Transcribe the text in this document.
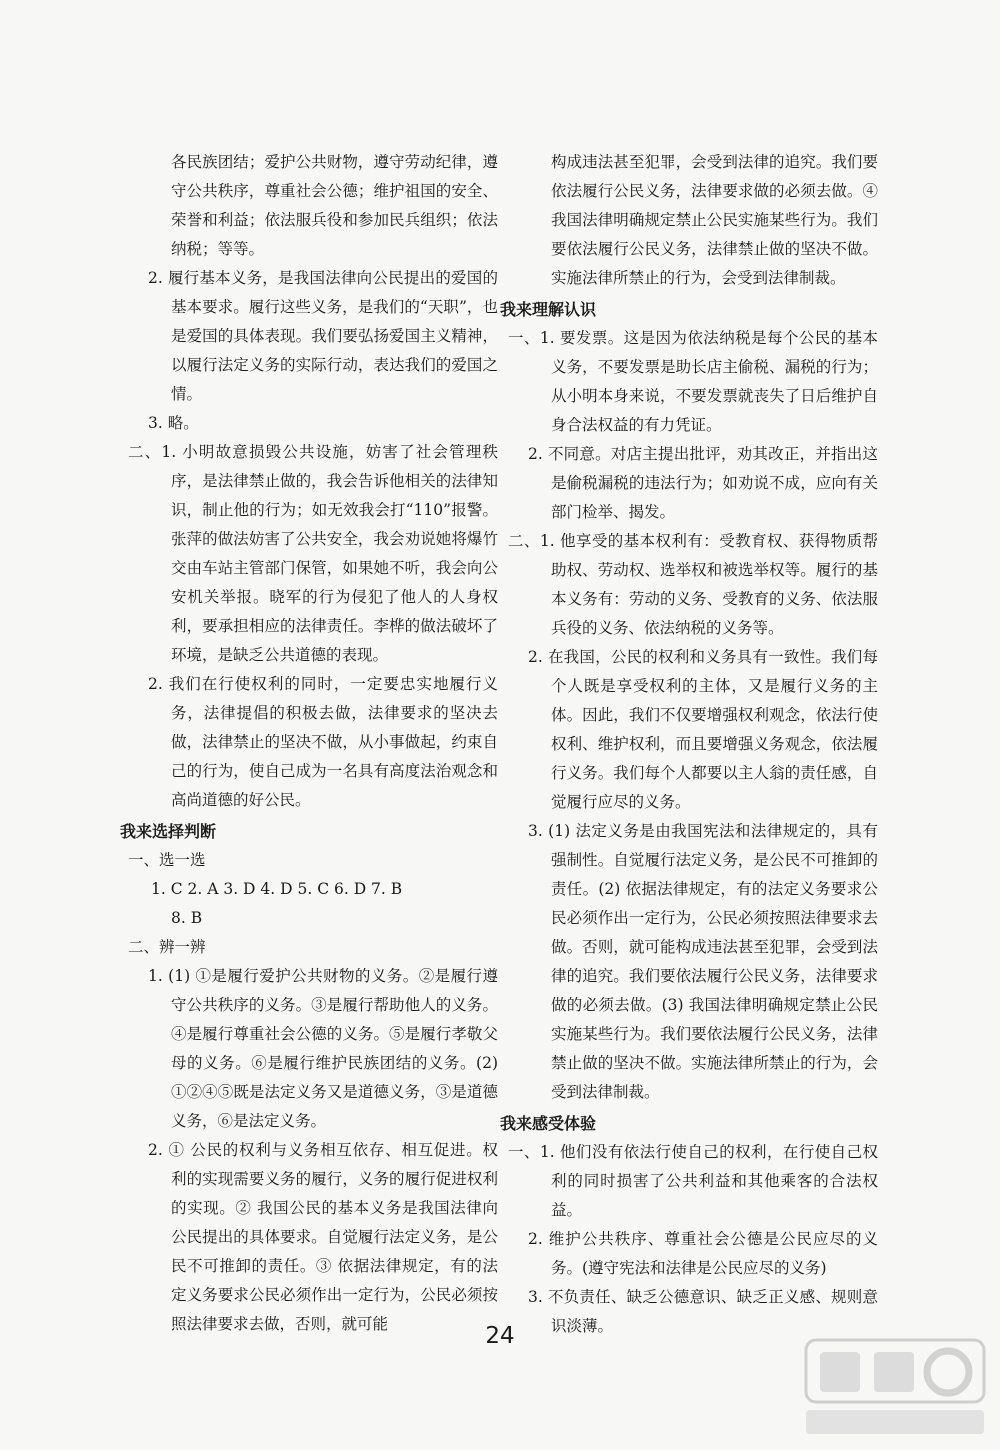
各民族团结；爱护公共财物，遵守劳动纪律，遵守公共秩序，尊重社会公德；维护祖国的安全、荣誉和利益；依法服兵役和参加民兵组织；依法纳税；等等。

2. 履行基本义务，是我国法律向公民提出的爱国的基本要求。履行这些义务，是我们的“天职”，也是爱国的具体表现。我们要弘扬爱国主义精神，以履行法定义务的实际行动，表达我们的爱国之情。

3. 略。

二、1. 小明故意损毁公共设施，妨害了社会管理秩序，是法律禁止做的，我会告诉他相关的法律知识，制止他的行为；如无效我会打“110”报警。张萍的做法妨害了公共安全，我会劝说她将爆竹交由车站主管部门保管，如果她不听，我会向公安机关举报。晓军的行为侵犯了他人的人身权利，要承担相应的法律责任。李桦的做法破坏了环境，是缺乏公共道德的表现。

2. 我们在行使权利的同时，一定要忠实地履行义务，法律提倡的积极去做，法律要求的坚决去做，法律禁止的坚决不做，从小事做起，约束自己的行为，使自己成为一名具有高度法治观念和高尚道德的好公民。

我来选择判断

一、选一选

1. C 2. A 3. D 4. D 5. C 6. D 7. B

8. B

二、辨一辨

1. (1) ①是履行爱护公共财物的义务。②是履行遵守公共秩序的义务。③是履行帮助他人的义务。④是履行尊重社会公德的义务。⑤是履行孝敬父母的义务。⑥是履行维护民族团结的义务。(2) ①②④⑤既是法定义务又是道德义务，③是道德义务，⑥是法定义务。

2. ① 公民的权利与义务相互依存、相互促进。权利的实现需要义务的履行，义务的履行促进权利的实现。② 我国公民的基本义务是我国法律向公民提出的具体要求。自觉履行法定义务，是公民不可推卸的责任。③ 依据法律规定，有的法定义务要求公民必须作出一定行为，公民必须按照法律要求去做，否则，就可能

构成违法甚至犯罪，会受到法律的追究。我们要依法履行公民义务，法律要求做的必须去做。④ 我国法律明确规定禁止公民实施某些行为。我们要依法履行公民义务，法律禁止做的坚决不做。实施法律所禁止的行为，会受到法律制裁。

我来理解认识

一、1. 要发票。这是因为依法纳税是每个公民的基本义务，不要发票是助长店主偷税、漏税的行为；从小明本身来说，不要发票就丧失了日后维护自身合法权益的有力凭证。

2. 不同意。对店主提出批评，劝其改正，并指出这是偷税漏税的违法行为；如劝说不成，应向有关部门检举、揭发。

二、1. 他享受的基本权利有：受教育权、获得物质帮助权、劳动权、选举权和被选举权等。履行的基本义务有：劳动的义务、受教育的义务、依法服兵役的义务、依法纳税的义务等。

2. 在我国，公民的权利和义务具有一致性。我们每个人既是享受权利的主体，又是履行义务的主体。因此，我们不仅要增强权利观念，依法行使权利、维护权利，而且要增强义务观念，依法履行义务。我们每个人都要以主人翁的责任感，自觉履行应尽的义务。

3. (1) 法定义务是由我国宪法和法律规定的，具有强制性。自觉履行法定义务，是公民不可推卸的责任。(2) 依据法律规定，有的法定义务要求公民必须作出一定行为，公民必须按照法律要求去做。否则，就可能构成违法甚至犯罪，会受到法律的追究。我们要依法履行公民义务，法律要求做的必须去做。(3) 我国法律明确规定禁止公民实施某些行为。我们要依法履行公民义务，法律禁止做的坚决不做。实施法律所禁止的行为，会受到法律制裁。

我来感受体验

一、1. 他们没有依法行使自己的权利，在行使自己权利的同时损害了公共利益和其他乘客的合法权益。

2. 维护公共秩序、尊重社会公德是公民应尽的义务。(遵守宪法和法律是公民应尽的义务)

3. 不负责任、缺乏公德意识、缺乏正义感、规则意识淡薄。

24
